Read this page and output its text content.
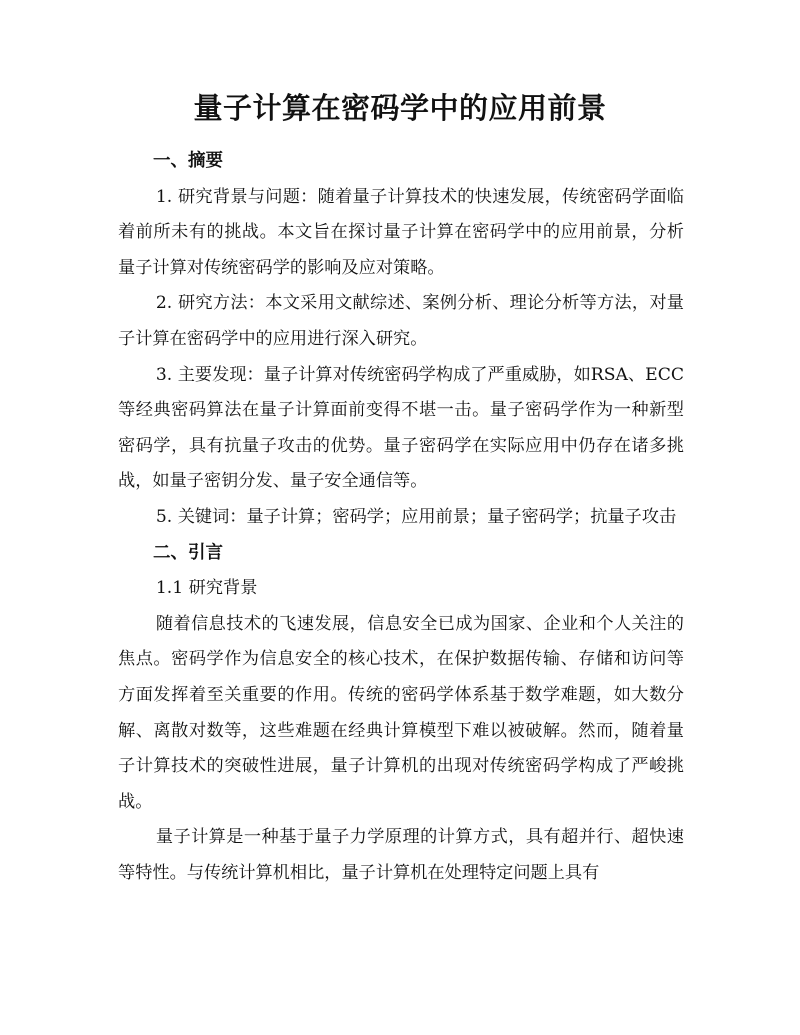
量子计算在密码学中的应用前景
一、摘要

1. 研究背景与问题：随着量子计算技术的快速发展，传统密码学面临着前所未有的挑战。本文旨在探讨量子计算在密码学中的应用前景，分析量子计算对传统密码学的影响及应对策略。

2. 研究方法：本文采用文献综述、案例分析、理论分析等方法，对量子计算在密码学中的应用进行深入研究。

3. 主要发现：量子计算对传统密码学构成了严重威胁，如RSA、ECC等经典密码算法在量子计算面前变得不堪一击。量子密码学作为一种新型密码学，具有抗量子攻击的优势。量子密码学在实际应用中仍存在诸多挑战，如量子密钥分发、量子安全通信等。

5. 关键词：量子计算；密码学；应用前景；量子密码学；抗量子攻击

二、引言

1.1 研究背景

随着信息技术的飞速发展，信息安全已成为国家、企业和个人关注的焦点。密码学作为信息安全的核心技术，在保护数据传输、存储和访问等方面发挥着至关重要的作用。传统的密码学体系基于数学难题，如大数分解、离散对数等，这些难题在经典计算模型下难以被破解。然而，随着量子计算技术的突破性进展，量子计算机的出现对传统密码学构成了严峻挑战。

量子计算是一种基于量子力学原理的计算方式，具有超并行、超快速等特性。与传统计算机相比，量子计算机在处理特定问题上具有
